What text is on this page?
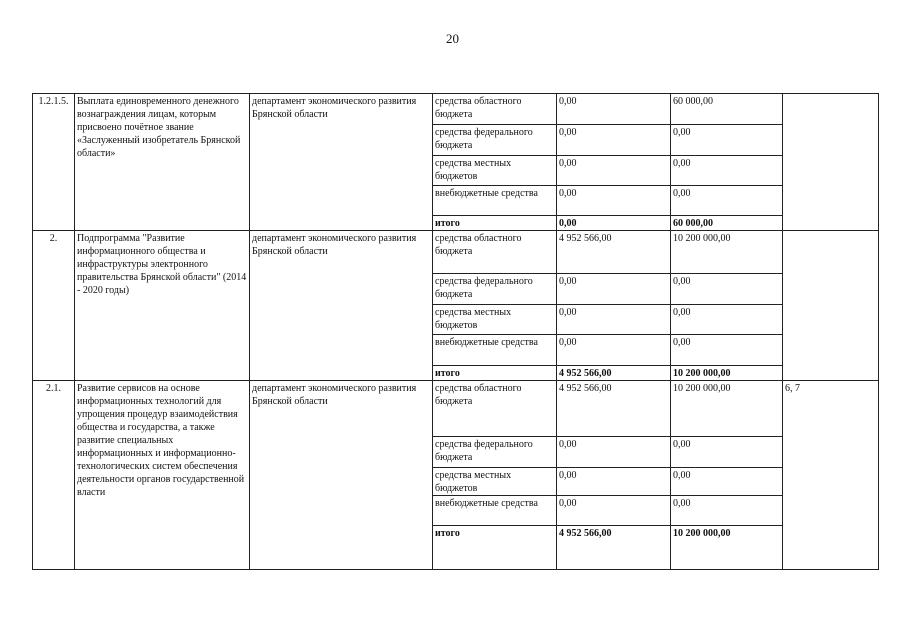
20
1.2.1.5.	Выплата единовременного денежного вознаграждения лицам, которым присвоено почётное звание «Заслуженный изобретатель Брянской области»	департамент экономического развития Брянской области	средства областного бюджета	0,00	60 000,00	
			средства федерального бюджета	0,00	0,00	
			средства местных бюджетов	0,00	0,00	
			внебюджетные средства	0,00	0,00	
			итого	0,00	60 000,00	
2.	Подпрограмма "Развитие информационного общества и инфраструктуры электронного правительства Брянской области" (2014 - 2020 годы)	департамент экономического развития Брянской области	средства областного бюджета	4 952 566,00	10 200 000,00	
			средства федерального бюджета	0,00	0,00	
			средства местных бюджетов	0,00	0,00	
			внебюджетные средства	0,00	0,00	
			итого	4 952 566,00	10 200 000,00	
2.1.	Развитие сервисов на основе информационных технологий для упрощения процедур взаимодействия общества и государства, а также развитие специальных информационных и информационно-технологических систем обеспечения деятельности органов государственной власти	департамент экономического развития Брянской области	средства областного бюджета	4 952 566,00	10 200 000,00	6, 7
			средства федерального бюджета	0,00	0,00	
			средства местных бюджетов	0,00	0,00	
			внебюджетные средства	0,00	0,00	
			итого	4 952 566,00	10 200 000,00	
